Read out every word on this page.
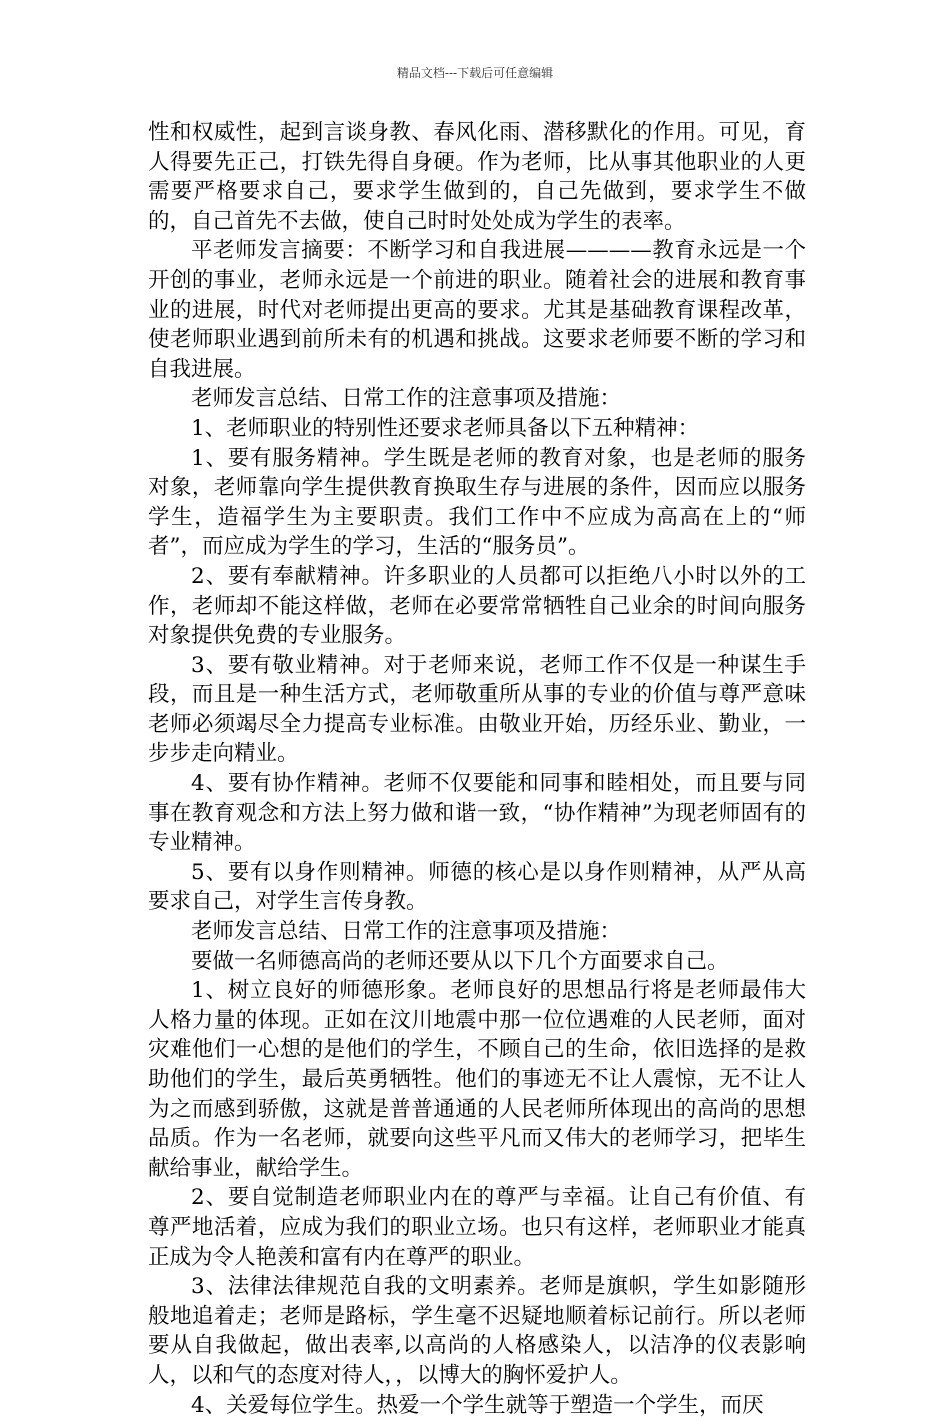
精品文档---下载后可任意编辑

性和权威性，起到言谈身教、春风化雨、潜移默化的作用。可见，育人得要先正己，打铁先得自身硬。作为老师，比从事其他职业的人更需要严格要求自己，要求学生做到的，自己先做到，要求学生不做的，自己首先不去做，使自己时时处处成为学生的表率。

平老师发言摘要：不断学习和自我进展————教育永远是一个开创的事业，老师永远是一个前进的职业。随着社会的进展和教育事业的进展，时代对老师提出更高的要求。尤其是基础教育课程改革，使老师职业遇到前所未有的机遇和挑战。这要求老师要不断的学习和自我进展。

老师发言总结、日常工作的注意事项及措施：

1、老师职业的特别性还要求老师具备以下五种精神：

1、要有服务精神。学生既是老师的教育对象，也是老师的服务对象，老师靠向学生提供教育换取生存与进展的条件，因而应以服务学生，造福学生为主要职责。我们工作中不应成为高高在上的“师者”，而应成为学生的学习，生活的“服务员”。

2、要有奉献精神。许多职业的人员都可以拒绝八小时以外的工作，老师却不能这样做，老师在必要常常牺牲自己业余的时间向服务对象提供免费的专业服务。

3、要有敬业精神。对于老师来说，老师工作不仅是一种谋生手段，而且是一种生活方式，老师敬重所从事的专业的价值与尊严意味老师必须竭尽全力提高专业标准。由敬业开始，历经乐业、勤业，一步步走向精业。

4、要有协作精神。老师不仅要能和同事和睦相处，而且要与同事在教育观念和方法上努力做和谐一致，“协作精神”为现老师固有的专业精神。

5、要有以身作则精神。师德的核心是以身作则精神，从严从高要求自己，对学生言传身教。

老师发言总结、日常工作的注意事项及措施：

要做一名师德高尚的老师还要从以下几个方面要求自己。

1、树立良好的师德形象。老师良好的思想品行将是老师最伟大人格力量的体现。正如在汶川地震中那一位位遇难的人民老师，面对灾难他们一心想的是他们的学生，不顾自己的生命，依旧选择的是救助他们的学生，最后英勇牺牲。他们的事迹无不让人震惊，无不让人为之而感到骄傲，这就是普普通通的人民老师所体现出的高尚的思想品质。作为一名老师，就要向这些平凡而又伟大的老师学习，把毕生献给事业，献给学生。

2、要自觉制造老师职业内在的尊严与幸福。让自己有价值、有尊严地活着，应成为我们的职业立场。也只有这样，老师职业才能真正成为令人艳羡和富有内在尊严的职业。

3、法律法律规范自我的文明素养。老师是旗帜，学生如影随形般地追着走；老师是路标，学生毫不迟疑地顺着标记前行。所以老师要从自我做起，做出表率,以高尚的人格感染人，以洁净的仪表影响人，以和气的态度对待人，，以博大的胸怀爱护人。

4、关爱每位学生。热爱一个学生就等于塑造一个学生，而厌
